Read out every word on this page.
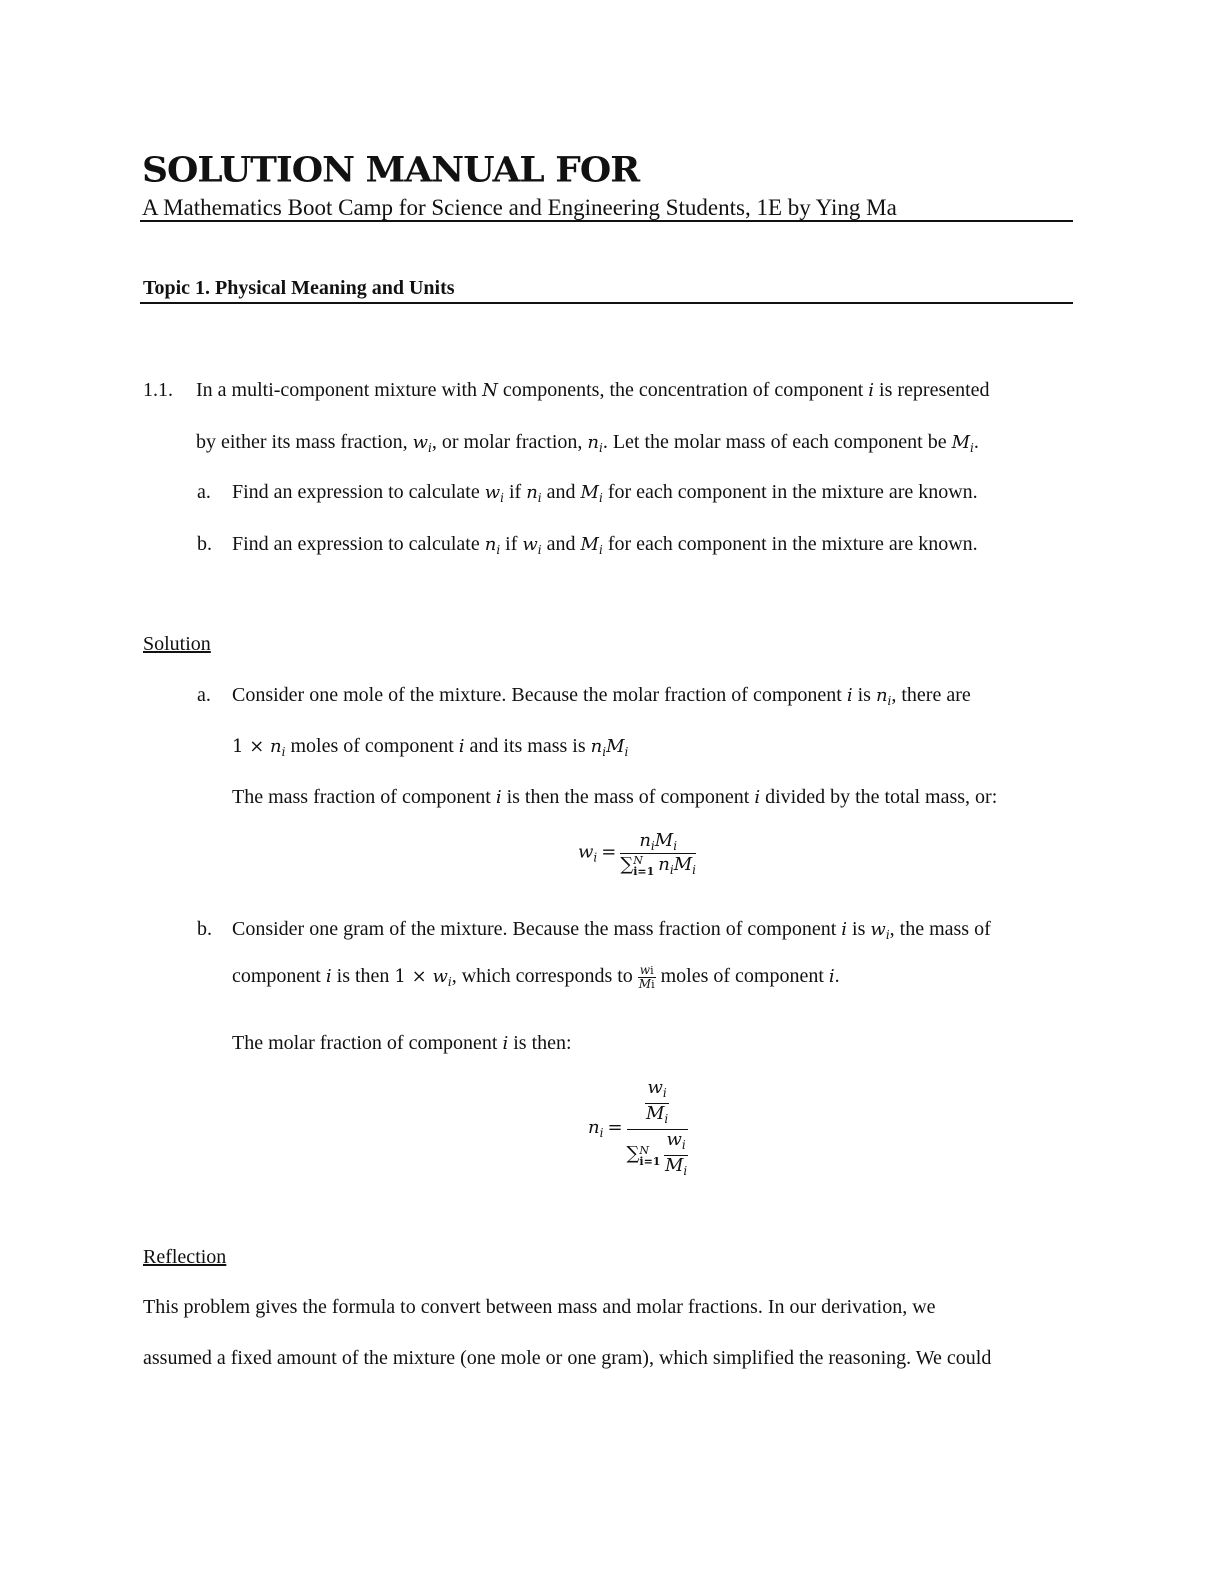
SOLUTION MANUAL FOR
A Mathematics Boot Camp for Science and Engineering Students, 1E by Ying Ma
Topic 1. Physical Meaning and Units
1.1. In a multi-component mixture with N components, the concentration of component i is represented
by either its mass fraction, $w_i$, or molar fraction, $n_i$. Let the molar mass of each component be $M_i$.
a. Find an expression to calculate $w_i$ if $n_i$ and $M_i$ for each component in the mixture are known.
b. Find an expression to calculate $n_i$ if $w_i$ and $M_i$ for each component in the mixture are known.
Solution
a. Consider one mole of the mixture. Because the molar fraction of component i is $n_i$, there are
$1 \times n_i$ moles of component i and its mass is $n_iM_i$
The mass fraction of component i is then the mass of component i divided by the total mass, or:
$w_i = n_iM_i$
∑ N
i=1 $n_iM_i$
b. Consider one gram of the mixture. Because the mass fraction of component i is $w_i$, the mass of
component i is then $1 \times w_i$, which corresponds to $\frac{wi}{Mi}$ moles of component i.
The molar fraction of component i is then:
$n_i = \frac{w_i}{M_i}$
∑ N
i=1
$\frac{w_i}{M_i}$
Reflection
This problem gives the formula to convert between mass and molar fractions. In our derivation, we
assumed a fixed amount of the mixture (one mole or one gram), which simplified the reasoning. We could
